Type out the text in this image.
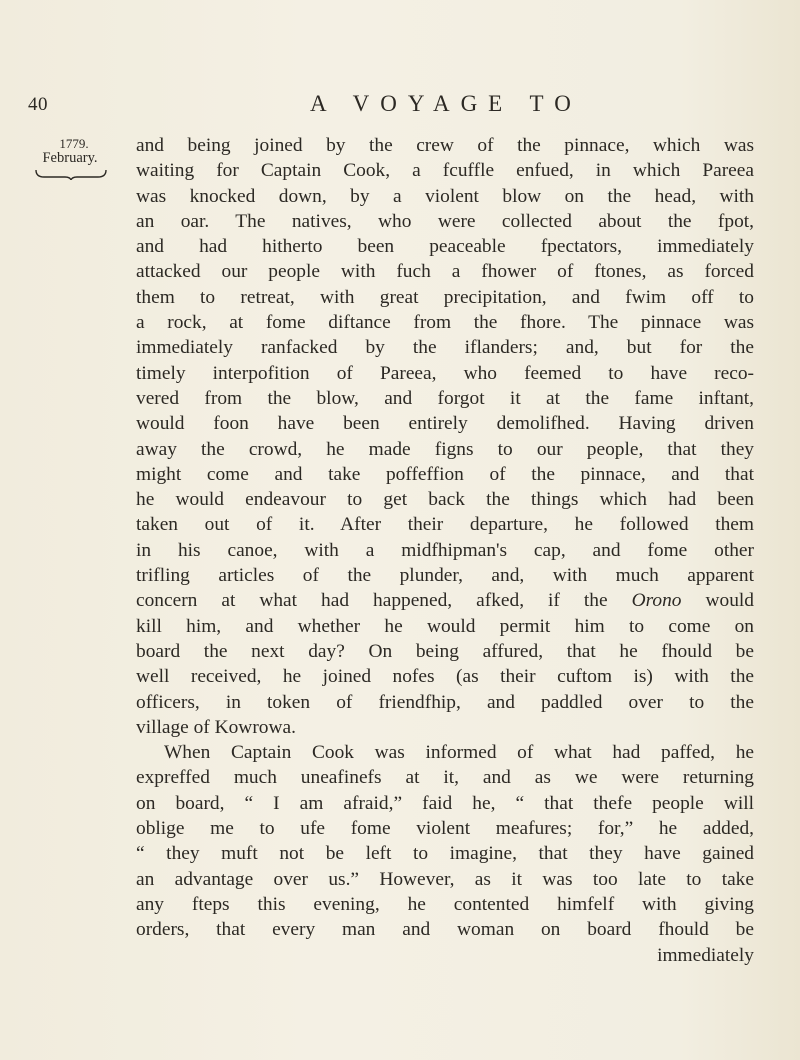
40	A VOYAGE TO
1779.
February.
and being joined by the crew of the pinnace, which was
waiting for Captain Cook, a fcuffle enfued, in which Pareea
was knocked down, by a violent blow on the head, with
an oar. The natives, who were collected about the fpot,
and had hitherto been peaceable fpectators, immediately
attacked our people with fuch a fhower of ftones, as forced
them to retreat, with great precipitation, and fwim off to
a rock, at fome diftance from the fhore. The pinnace was
immediately ranfacked by the iflanders; and, but for the
timely interpofition of Pareea, who feemed to have reco-
vered from the blow, and forgot it at the fame inftant,
would foon have been entirely demolifhed. Having driven
away the crowd, he made figns to our people, that they
might come and take poffeffion of the pinnace, and that
he would endeavour to get back the things which had been
taken out of it. After their departure, he followed them
in his canoe, with a midfhipman's cap, and fome other
trifling articles of the plunder, and, with much apparent
concern at what had happened, afked, if the Orono would
kill him, and whether he would permit him to come on
board the next day? On being affured, that he fhould be
well received, he joined nofes (as their cuftom is) with the
officers, in token of friendfhip, and paddled over to the
village of Kowrowa.
When Captain Cook was informed of what had paffed, he
expreffed much uneafinefs at it, and as we were returning
on board, “ I am afraid,” faid he, “ that thefe people will
oblige me to ufe fome violent meafures; for,” he added,
“ they muft not be left to imagine, that they have gained
an advantage over us.” However, as it was too late to take
any fteps this evening, he contented himfelf with giving
orders, that every man and woman on board fhould be
immediately
